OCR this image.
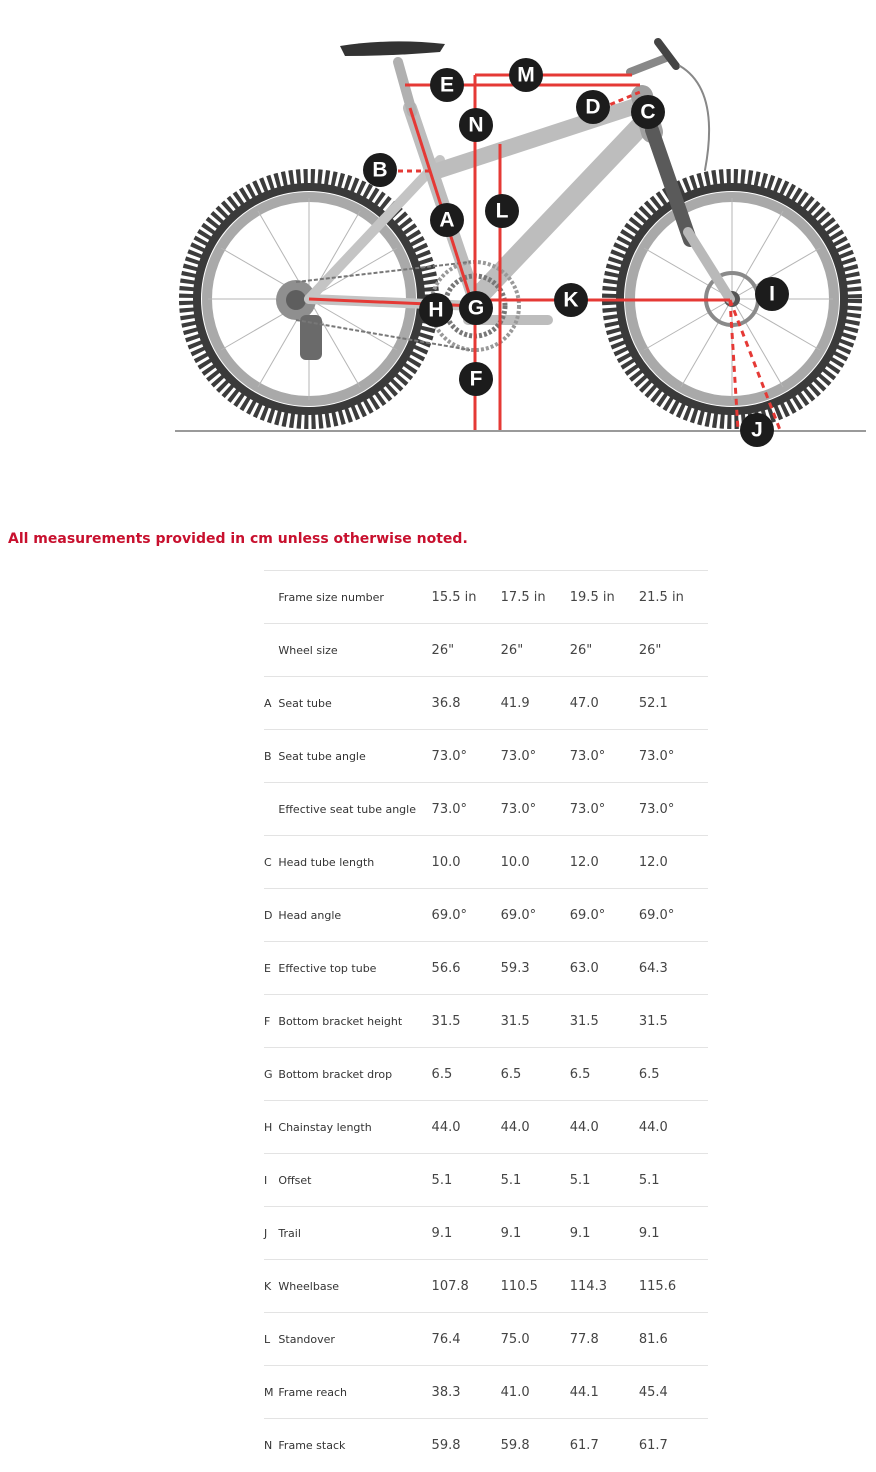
M
E
D C
N
B
L
A
K	I
H G
F
J

All measurements provided in cm unless otherwise noted.

	Frame size number	15.5 in	17.5 in	19.5 in	21.5 in
	Wheel size	26"	26"	26"	26"
A	Seat tube	36.8	41.9	47.0	52.1
B	Seat tube angle	73.0°	73.0°	73.0°	73.0°
	Effective seat tube angle	73.0°	73.0°	73.0°	73.0°
C	Head tube length	10.0	10.0	12.0	12.0
D	Head angle	69.0°	69.0°	69.0°	69.0°
E	Effective top tube	56.6	59.3	63.0	64.3
F	Bottom bracket height	31.5	31.5	31.5	31.5
G	Bottom bracket drop	6.5	6.5	6.5	6.5
H	Chainstay length	44.0	44.0	44.0	44.0
I	Offset	5.1	5.1	5.1	5.1
J	Trail	9.1	9.1	9.1	9.1
K	Wheelbase	107.8	110.5	114.3	115.6
L	Standover	76.4	75.0	77.8	81.6
M	Frame reach	38.3	41.0	44.1	45.4
N	Frame stack	59.8	59.8	61.7	61.7
